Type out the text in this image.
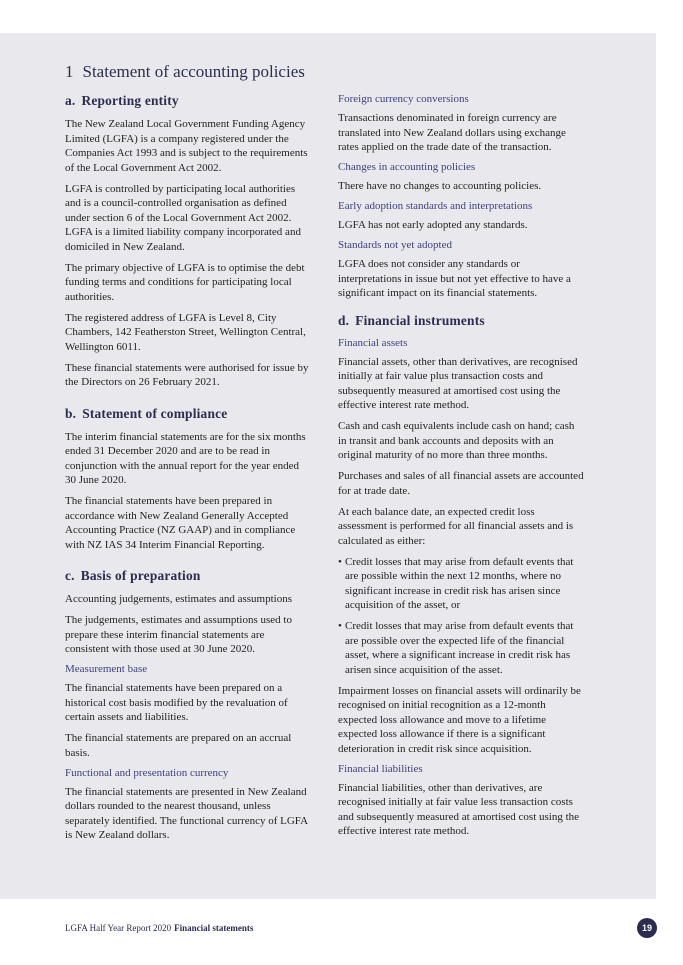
1 Statement of accounting policies
a. Reporting entity

The New Zealand Local Government Funding Agency Limited (LGFA) is a company registered under the Companies Act 1993 and is subject to the requirements of the Local Government Act 2002.

LGFA is controlled by participating local authorities and is a council-controlled organisation as defined under section 6 of the Local Government Act 2002. LGFA is a limited liability company incorporated and domiciled in New Zealand.

The primary objective of LGFA is to optimise the debt funding terms and conditions for participating local authorities.

The registered address of LGFA is Level 8, City Chambers, 142 Featherston Street, Wellington Central, Wellington 6011.

These financial statements were authorised for issue by the Directors on 26 February 2021.

b. Statement of compliance

The interim financial statements are for the six months ended 31 December 2020 and are to be read in conjunction with the annual report for the year ended 30 June 2020.

The financial statements have been prepared in accordance with New Zealand Generally Accepted Accounting Practice (NZ GAAP) and in compliance with NZ IAS 34 Interim Financial Reporting.

c. Basis of preparation

Accounting judgements, estimates and assumptions

The judgements, estimates and assumptions used to prepare these interim financial statements are consistent with those used at 30 June 2020.

Measurement base

The financial statements have been prepared on a historical cost basis modified by the revaluation of certain assets and liabilities.

The financial statements are prepared on an accrual basis.

Functional and presentation currency

The financial statements are presented in New Zealand dollars rounded to the nearest thousand, unless separately identified. The functional currency of LGFA is New Zealand dollars.

Foreign currency conversions

Transactions denominated in foreign currency are translated into New Zealand dollars using exchange rates applied on the trade date of the transaction.

Changes in accounting policies

There have no changes to accounting policies.

Early adoption standards and interpretations

LGFA has not early adopted any standards.

Standards not yet adopted

LGFA does not consider any standards or interpretations in issue but not yet effective to have a significant impact on its financial statements.

d. Financial instruments
Financial assets

Financial assets, other than derivatives, are recognised initially at fair value plus transaction costs and subsequently measured at amortised cost using the effective interest rate method.

Cash and cash equivalents include cash on hand; cash in transit and bank accounts and deposits with an original maturity of no more than three months.

Purchases and sales of all financial assets are accounted for at trade date.

At each balance date, an expected credit loss assessment is performed for all financial assets and is calculated as either:

• Credit losses that may arise from default events that are possible within the next 12 months, where no significant increase in credit risk has arisen since acquisition of the asset, or
• Credit losses that may arise from default events that are possible over the expected life of the financial asset, where a significant increase in credit risk has arisen since acquisition of the asset.

Impairment losses on financial assets will ordinarily be recognised on initial recognition as a 12-month expected loss allowance and move to a lifetime expected loss allowance if there is a significant deterioration in credit risk since acquisition.

Financial liabilities

Financial liabilities, other than derivatives, are recognised initially at fair value less transaction costs and subsequently measured at amortised cost using the effective interest rate method.

LGFA Half Year Report 2020 Financial statements	19
